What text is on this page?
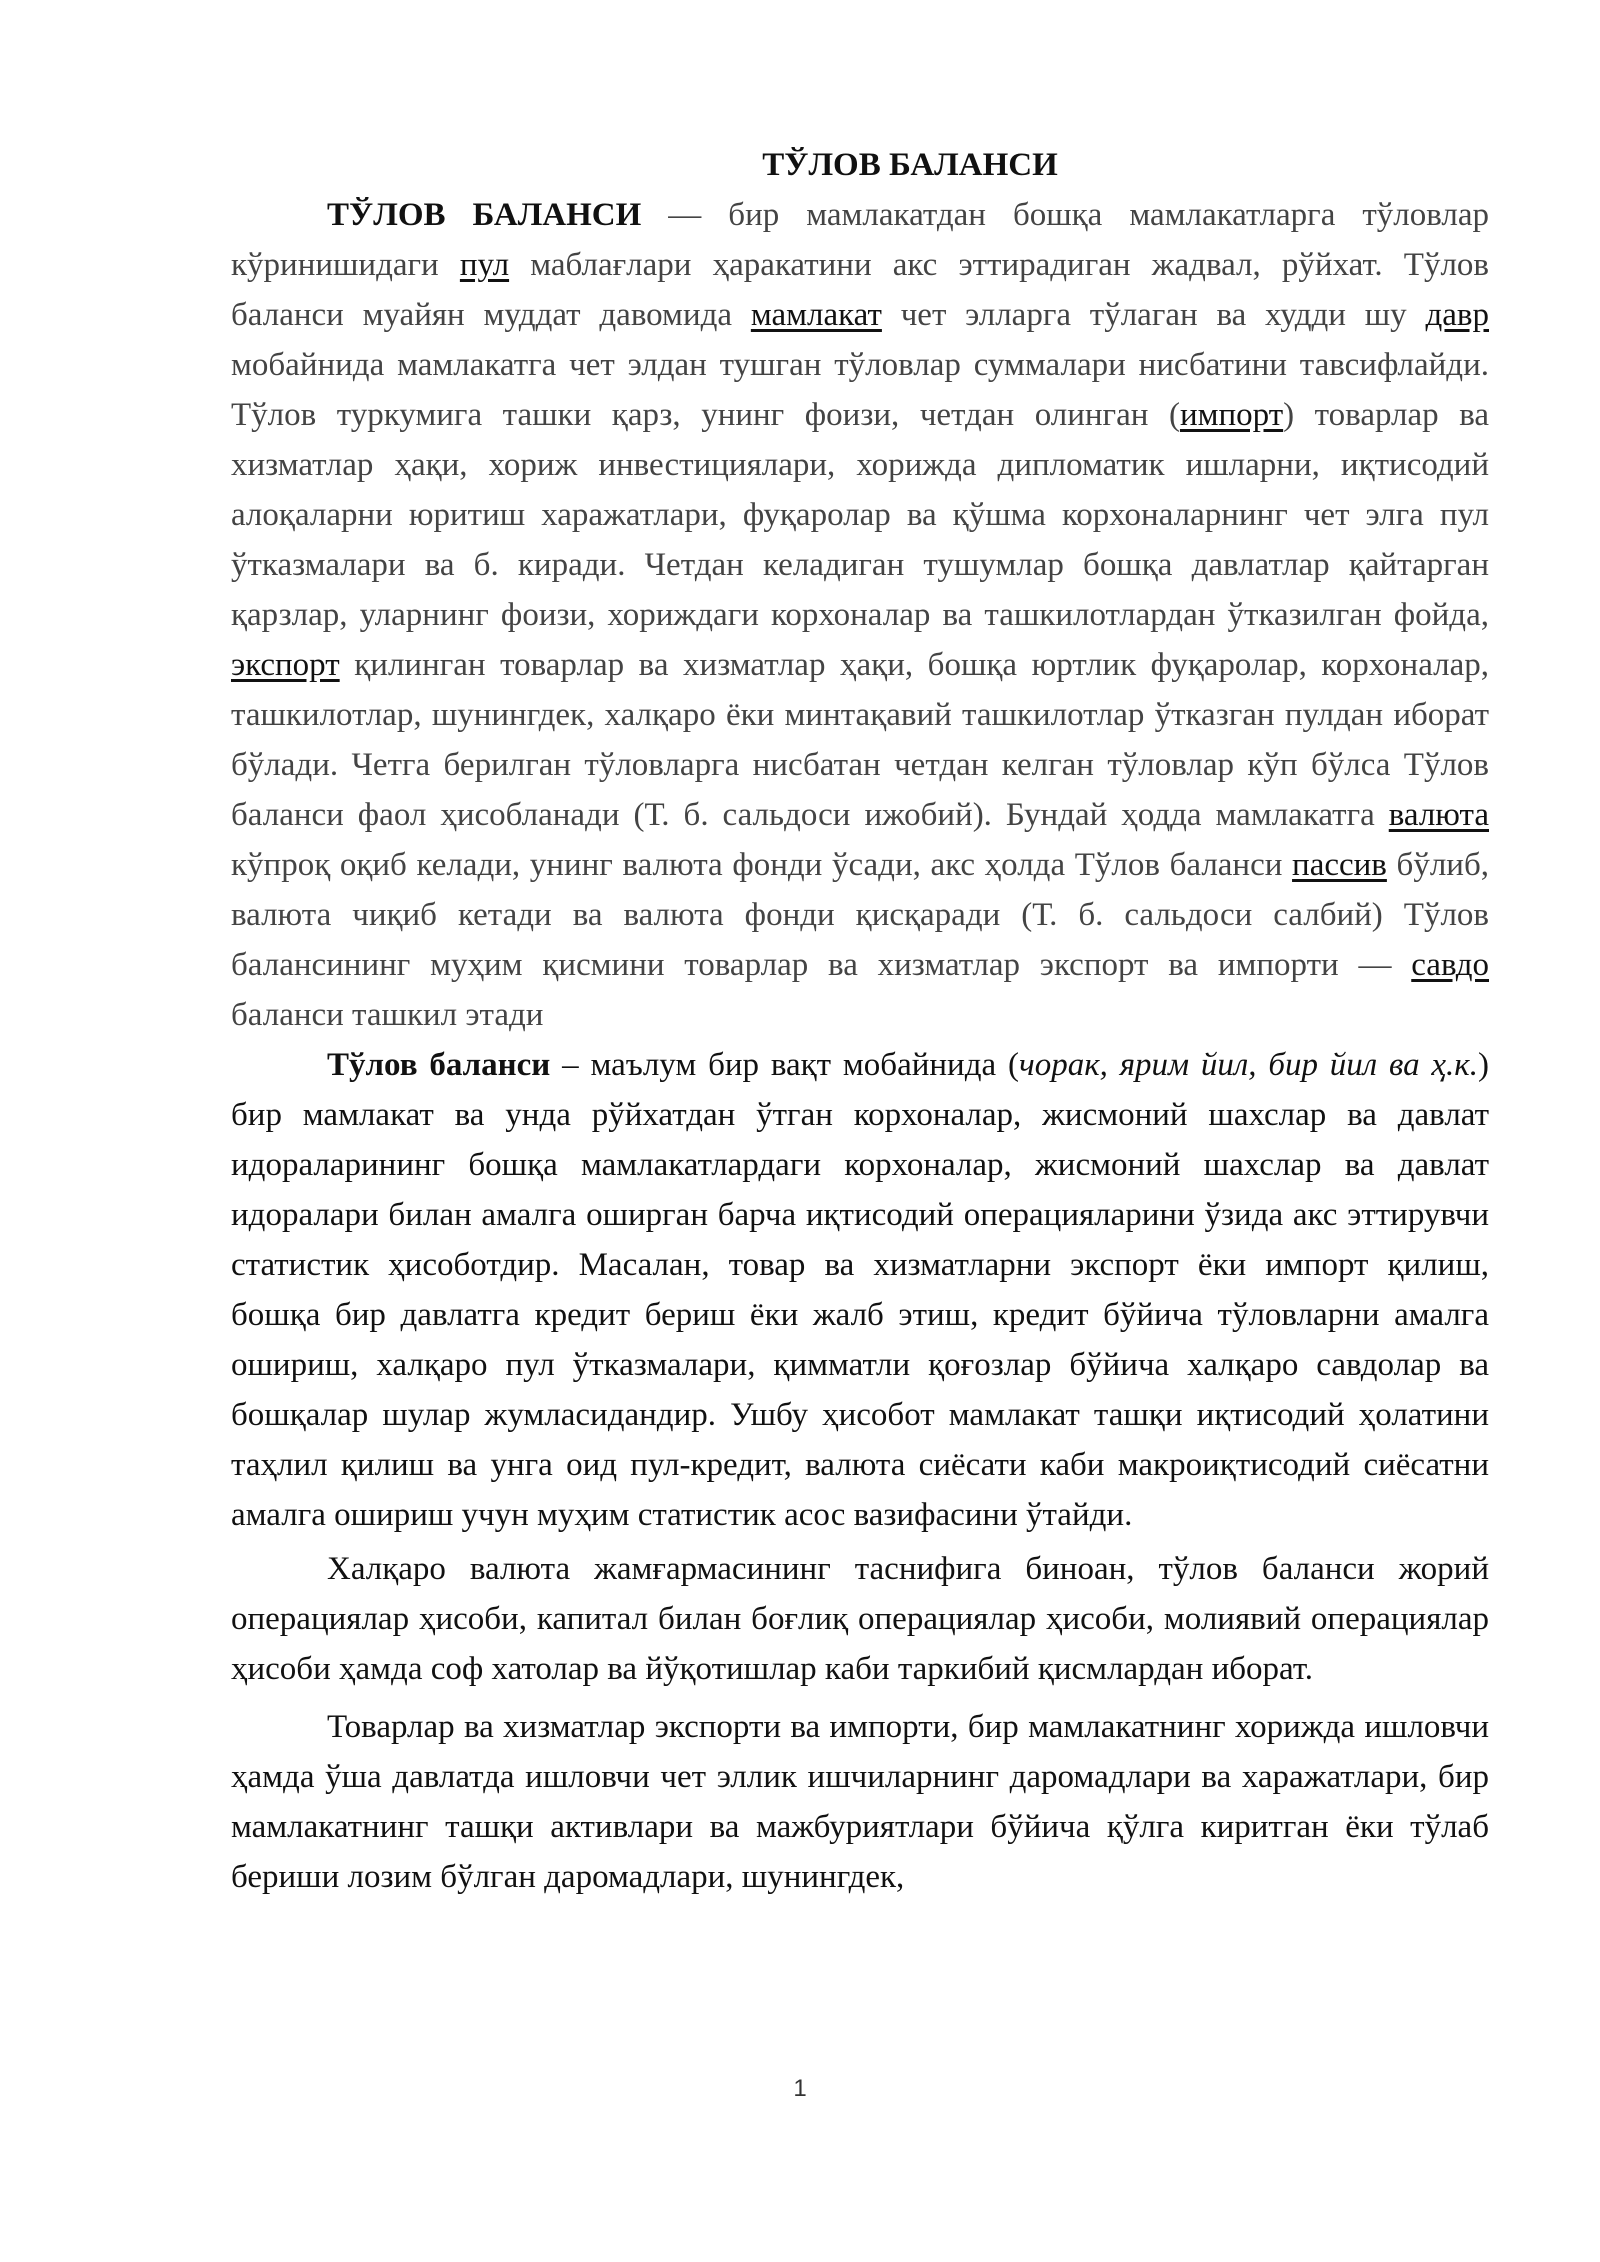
ТЎЛОВ БАЛАНСИ

ТЎЛОВ БАЛАНСИ — бир мамлакатдан бошқа мамлакатларга тўловлар кўринишидаги пул маблағлари ҳаракатини акс эттирадиган жадвал, рўйхат. Тўлов баланси муайян муддат давомида мамлакат чет элларга тўлаган ва худди шу давр мобайнида мамлакатга чет элдан тушган тўловлар суммалари нисбатини тавсифлайди. Тўлов туркумига ташки қарз, унинг фоизи, четдан олинган (импорт) товарлар ва хизматлар ҳақи, хориж инвестициялари, хорижда дипломатик ишларни, иқтисодий алоқаларни юритиш харажатлари, фуқаролар ва қўшма корхоналарнинг чет элга пул ўтказмалари ва б. киради. Четдан келадиган тушумлар бошқа давлатлар қайтарган қарзлар, уларнинг фоизи, хориждаги корхоналар ва ташкилотлардан ўтказилган фойда, экспорт қилинган товарлар ва хизматлар ҳақи, бошқа юртлик фуқаролар, корхоналар, ташкилотлар, шунингдек, халқаро ёки минтақавий ташкилотлар ўтказган пулдан иборат бўлади. Четга берилган тўловларга нисбатан четдан келган тўловлар кўп бўлса Тўлов баланси фаол ҳисобланади (Т. б. сальдоси ижобий). Бундай ҳодда мамлакатга валюта кўпроқ оқиб келади, унинг валюта фонди ўсади, акс ҳолда Тўлов баланси пассив бўлиб, валюта чиқиб кетади ва валюта фонди қисқаради (Т. б. сальдоси салбий) Тўлов балансининг муҳим қисмини товарлар ва хизматлар экспорт ва импорти — савдо баланси ташкил этади

Тўлов баланси – маълум бир вақт мобайнида (чорак, ярим йил, бир йил ва ҳ.к.) бир мамлакат ва унда рўйхатдан ўтган корхоналар, жисмоний шахслар ва давлат идораларининг бошқа мамлакатлардаги корхоналар, жисмоний шахслар ва давлат идоралари билан амалга оширган барча иқтисодий операцияларини ўзида акс эттирувчи статистик ҳисоботдир. Масалан, товар ва хизматларни экспорт ёки импорт қилиш, бошқа бир давлатга кредит бериш ёки жалб этиш, кредит бўйича тўловларни амалга ошириш, халқаро пул ўтказмалари, қимматли қоғозлар бўйича халқаро савдолар ва бошқалар шулар жумласидандир. Ушбу ҳисобот мамлакат ташқи иқтисодий ҳолатини таҳлил қилиш ва унга оид пул-кредит, валюта сиёсати каби макроиқтисодий сиёсатни амалга ошириш учун муҳим статистик асос вазифасини ўтайди.

Халқаро валюта жамғармасининг таснифига биноан, тўлов баланси жорий операциялар ҳисоби, капитал билан боғлиқ операциялар ҳисоби, молиявий операциялар ҳисоби ҳамда соф хатолар ва йўқотишлар каби таркибий қисмлардан иборат.

Товарлар ва хизматлар экспорти ва импорти, бир мамлакатнинг хорижда ишловчи ҳамда ўша давлатда ишловчи чет эллик ишчиларнинг даромадлари ва харажатлари, бир мамлакатнинг ташқи активлари ва мажбуриятлари бўйича қўлга киритган ёки тўлаб бериши лозим бўлган даромадлари, шунингдек,

1
